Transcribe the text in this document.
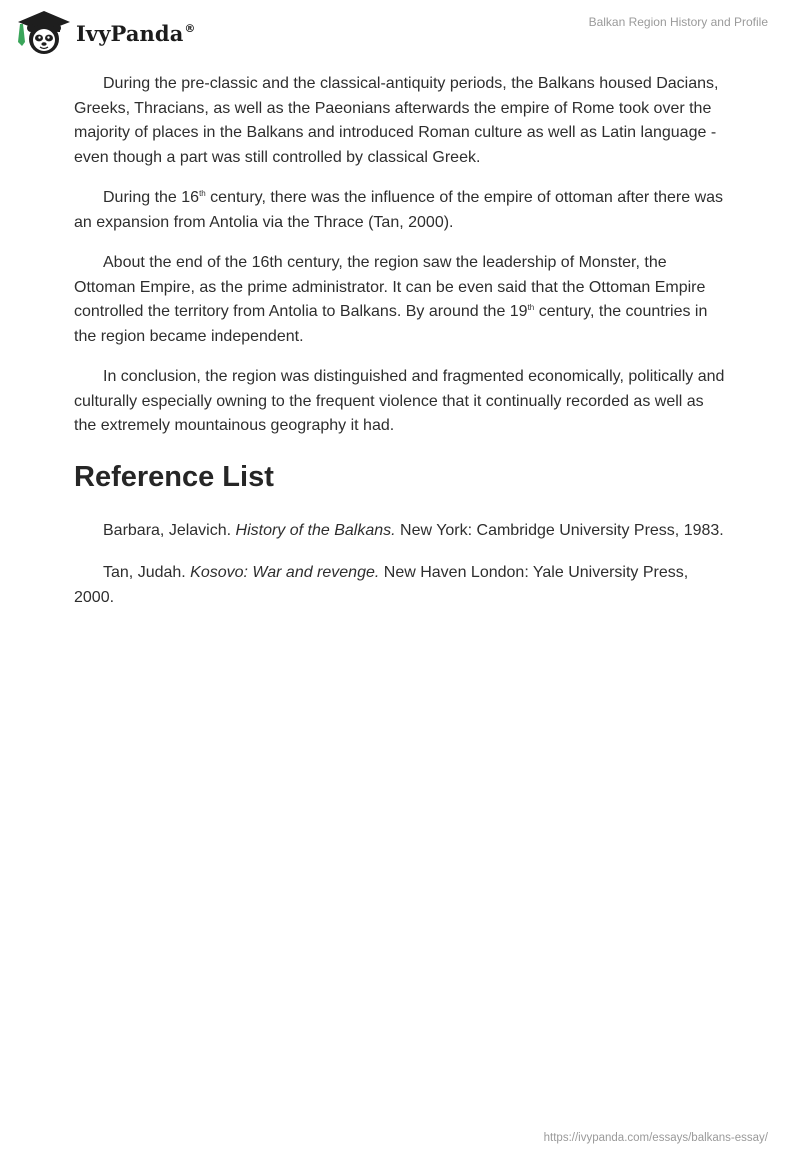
IvyPanda®	Balkan Region History and Profile

During the pre-classic and the classical-antiquity periods, the Balkans housed Dacians, Greeks, Thracians, as well as the Paeonians afterwards the empire of Rome took over the majority of places in the Balkans and introduced Roman culture as well as Latin language - even though a part was still controlled by classical Greek.

During the 16th century, there was the influence of the empire of ottoman after there was an expansion from Antolia via the Thrace (Tan, 2000).

About the end of the 16th century, the region saw the leadership of Monster, the Ottoman Empire, as the prime administrator. It can be even said that the Ottoman Empire controlled the territory from Antolia to Balkans. By around the 19th century, the countries in the region became independent.

In conclusion, the region was distinguished and fragmented economically, politically and culturally especially owning to the frequent violence that it continually recorded as well as the extremely mountainous geography it had.

Reference List

Barbara, Jelavich. History of the Balkans. New York: Cambridge University Press, 1983.

Tan, Judah. Kosovo: War and revenge. New Haven London: Yale University Press, 2000.

https://ivypanda.com/essays/balkans-essay/
